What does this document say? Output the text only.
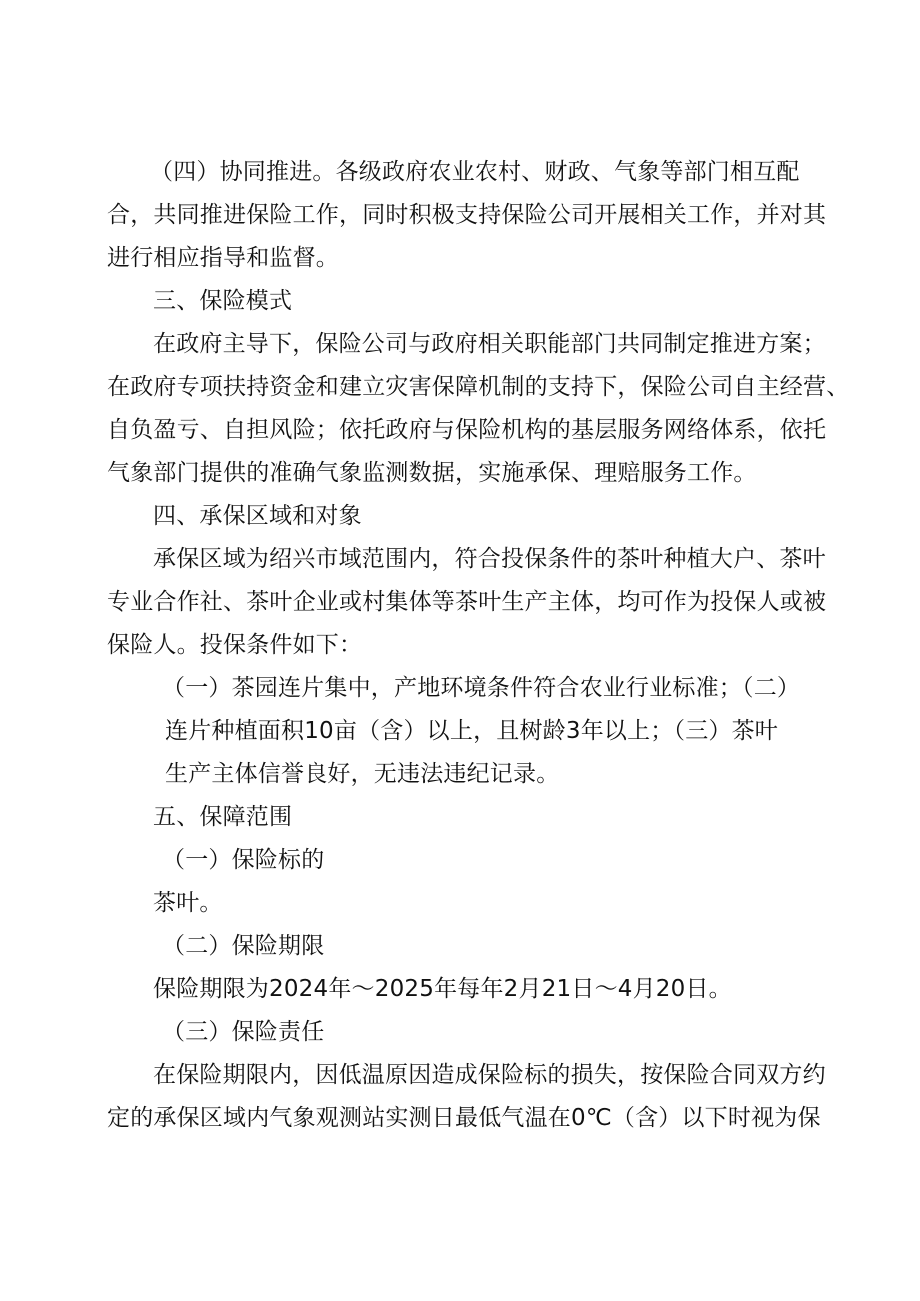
（四）协同推进。各级政府农业农村、财政、气象等部门相互配
合，共同推进保险工作，同时积极支持保险公司开展相关工作，并对其
进行相应指导和监督。
三、保险模式
在政府主导下，保险公司与政府相关职能部门共同制定推进方案；
在政府专项扶持资金和建立灾害保障机制的支持下，保险公司自主经营、
自负盈亏、自担风险；依托政府与保险机构的基层服务网络体系，依托
气象部门提供的准确气象监测数据，实施承保、理赔服务工作。
四、承保区域和对象
承保区域为绍兴市域范围内，符合投保条件的茶叶种植大户、茶叶
专业合作社、茶叶企业或村集体等茶叶生产主体，均可作为投保人或被
保险人。投保条件如下：
（一）茶园连片集中，产地环境条件符合农业行业标准；（二）
连片种植面积10亩（含）以上，且树龄3年以上；（三）茶叶
生产主体信誉良好，无违法违纪记录。
五、保障范围
（一）保险标的
茶叶。
（二）保险期限
保险期限为2024年～2025年每年2月21日～4月20日。
（三）保险责任
在保险期限内，因低温原因造成保险标的损失，按保险合同双方约
定的承保区域内气象观测站实测日最低气温在0℃（含）以下时视为保
